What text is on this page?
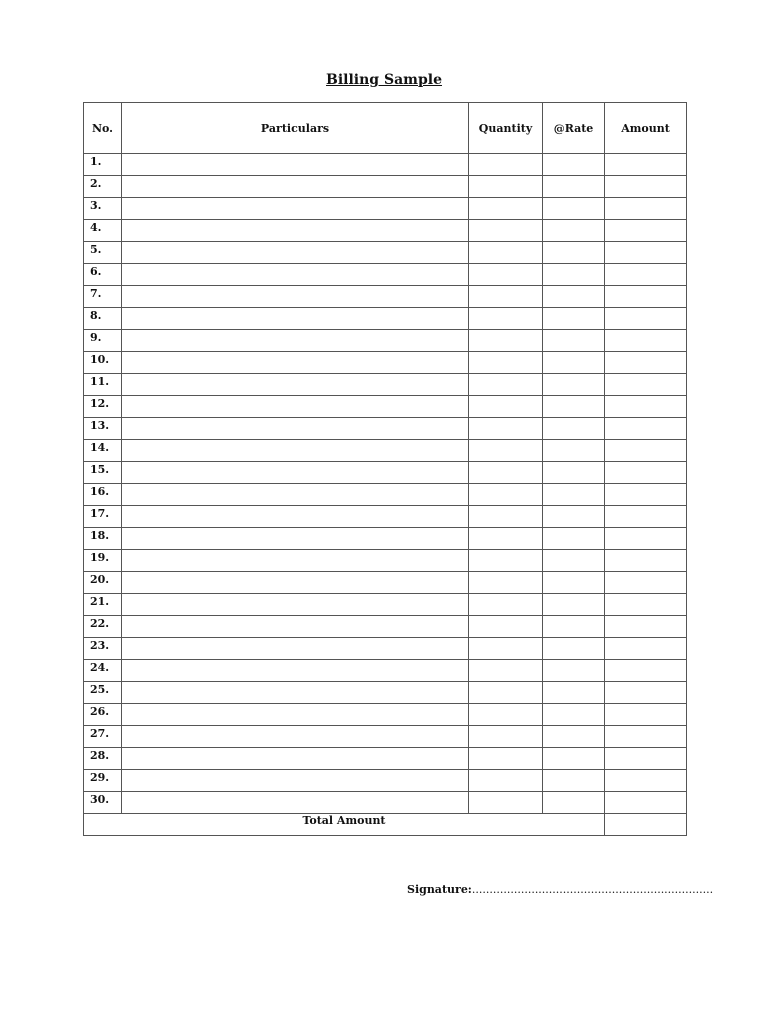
Billing Sample
No.	Particulars	Quantity	@Rate	Amount
1.				
2.				
3.				
4.				
5.				
6.				
7.				
8.				
9.				
10.				
11.				
12.				
13.				
14.				
15.				
16.				
17.				
18.				
19.				
20.				
21.				
22.				
23.				
24.				
25.				
26.				
27.				
28.				
29.				
30.				
Total Amount				
Signature:.....................................................................
